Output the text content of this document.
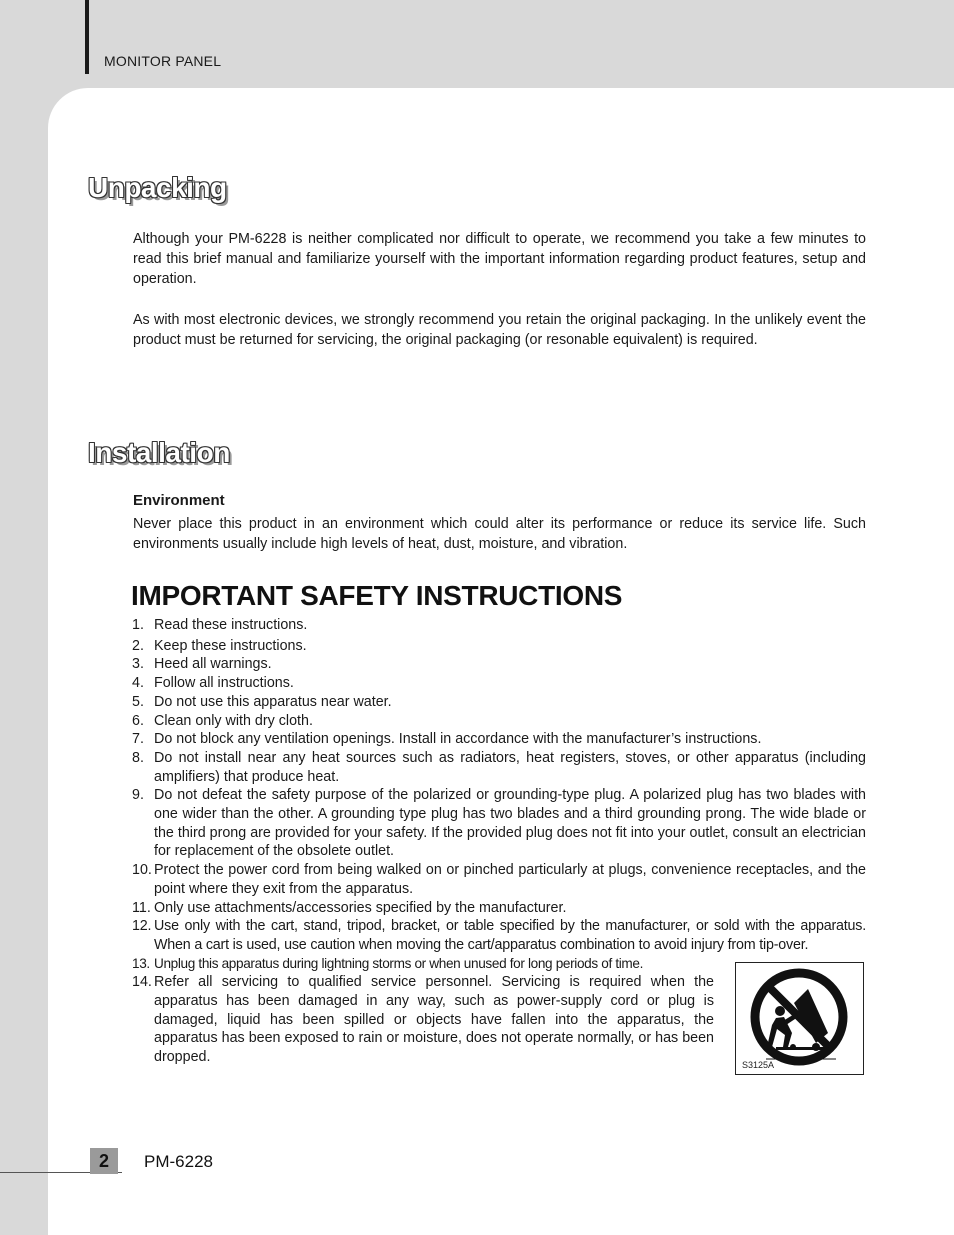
MONITOR PANEL
Unpacking

Although your PM-6228 is neither complicated nor difficult to operate, we recommend you take a few minutes to read this brief manual and familiarize yourself with the important information regarding product features, setup and operation.

As with most electronic devices, we strongly recommend you retain the original packaging. In the unlikely event the product must be returned for servicing, the original packaging (or resonable equivalent) is required.

Installation

Environment

Never place this product in an environment which could alter its performance or reduce its service life. Such environments usually include high levels of heat, dust, moisture, and vibration.

IMPORTANT SAFETY INSTRUCTIONS
1. Read these instructions.
2. Keep these instructions.
3. Heed all warnings.
4. Follow all instructions.
5. Do not use this apparatus near water.
6. Clean only with dry cloth.
7. Do not block any ventilation openings. Install in accordance with the manufacturer’s instructions.
8. Do not install near any heat sources such as radiators, heat registers, stoves, or other apparatus (including amplifiers) that produce heat.
9. Do not defeat the safety purpose of the polarized or grounding-type plug. A polarized plug has two blades with one wider than the other. A grounding type plug has two blades and a third grounding prong. The wide blade or the third prong are provided for your safety. If the provided plug does not fit into your outlet, consult an electrician for replacement of the obsolete outlet.
10. Protect the power cord from being walked on or pinched particularly at plugs, convenience receptacles, and the point where they exit from the apparatus.
11. Only use attachments/accessories specified by the manufacturer.
12. Use only with the cart, stand, tripod, bracket, or table specified by the manufacturer, or sold with the apparatus. When a cart is used, use caution when moving the cart/apparatus combination to avoid injury from tip-over.
13. Unplug this apparatus during lightning storms or when unused for long periods of time.
14. Refer all servicing to qualified service personnel. Servicing is required when the apparatus has been damaged in any way, such as power-supply cord or plug is damaged, liquid has been spilled or objects have fallen into the apparatus, the apparatus has been exposed to rain or moisture, does not operate normally, or has been dropped.	S3125A
2	PM-6228
